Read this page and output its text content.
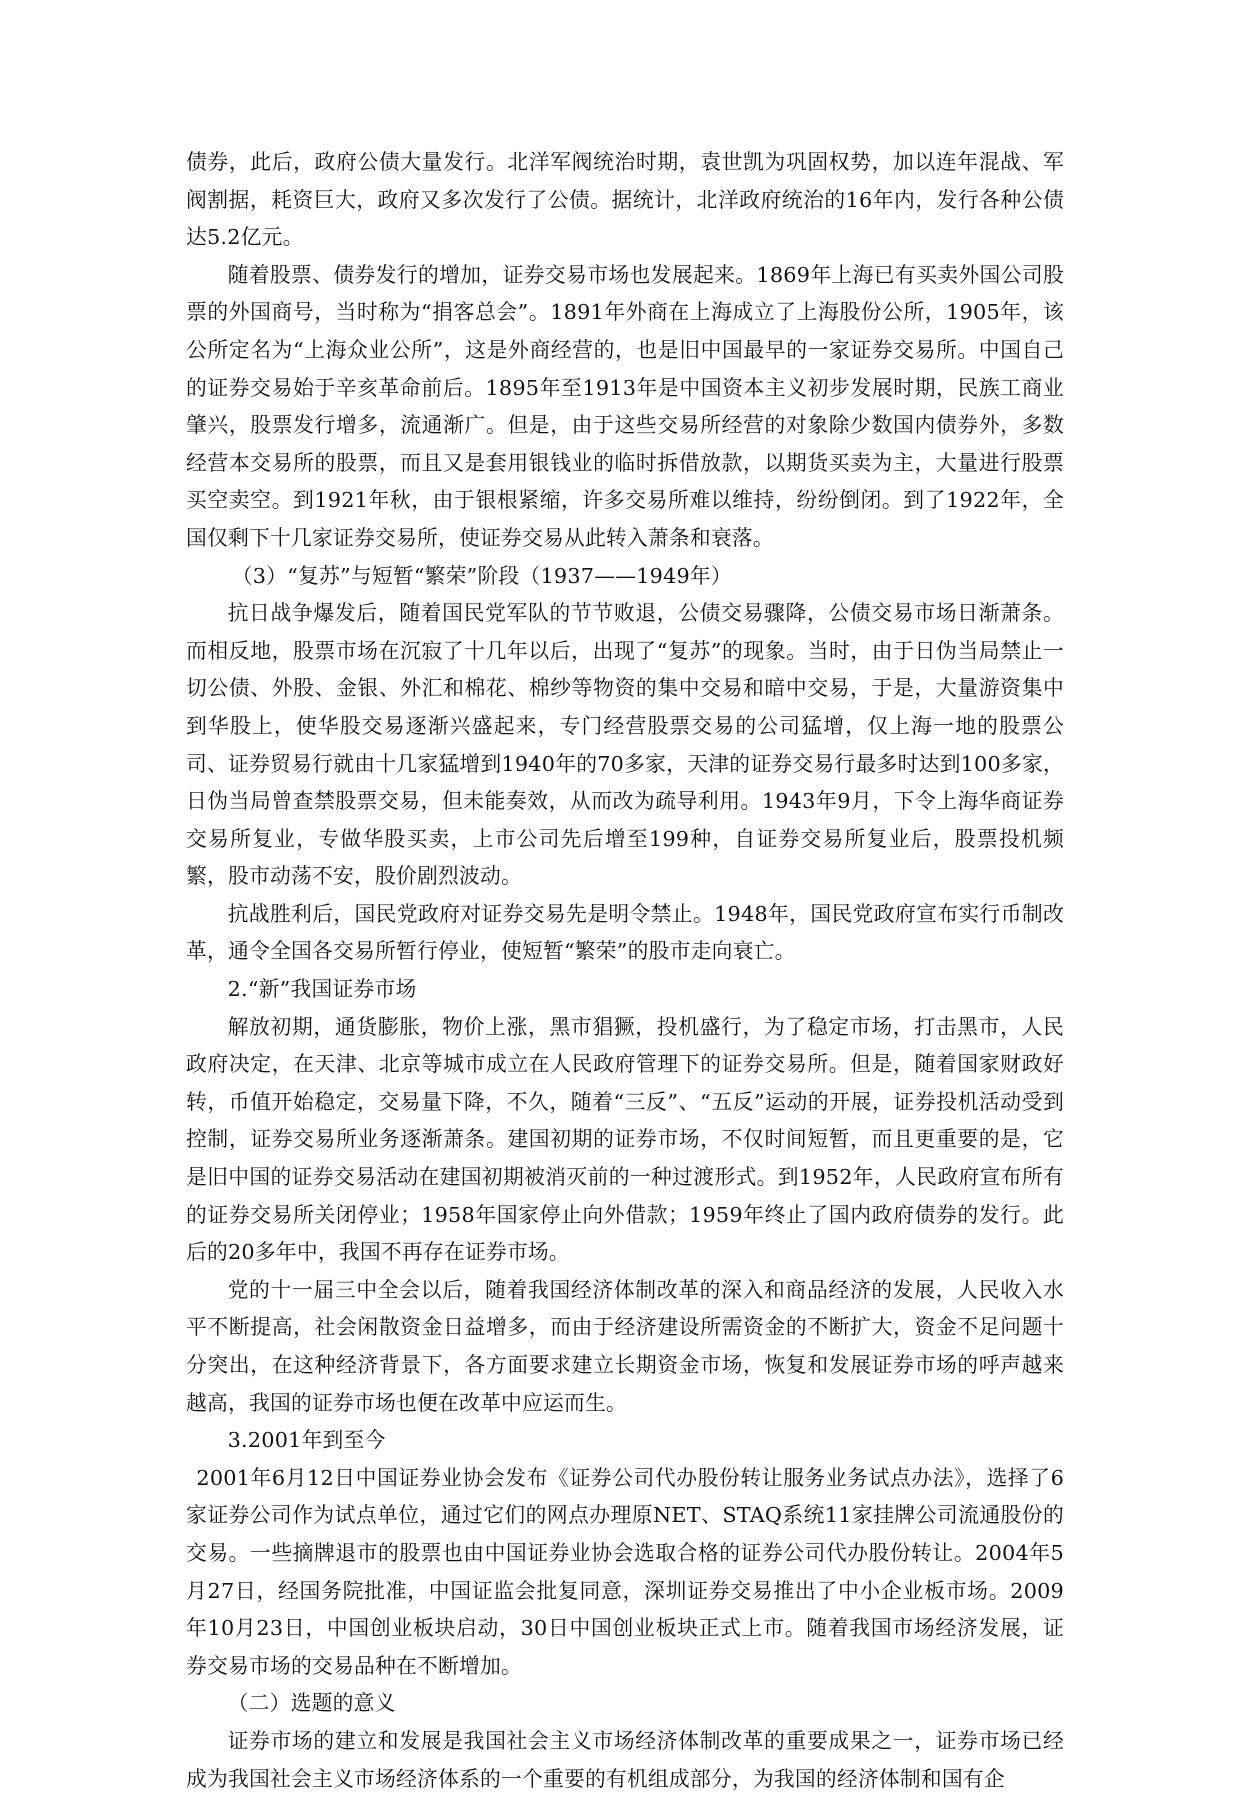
债券，此后，政府公债大量发行。北洋军阀统治时期，袁世凯为巩固权势，加以连年混战、军阀割据，耗资巨大，政府又多次发行了公债。据统计，北洋政府统治的16年内，发行各种公债达5.2亿元。

随着股票、债券发行的增加，证券交易市场也发展起来。1869年上海已有买卖外国公司股票的外国商号，当时称为“捐客总会”。1891年外商在上海成立了上海股份公所，1905年，该公所定名为“上海众业公所”，这是外商经营的，也是旧中国最早的一家证券交易所。中国自己的证券交易始于辛亥革命前后。1895年至1913年是中国资本主义初步发展时期，民族工商业肇兴，股票发行增多，流通渐广。但是，由于这些交易所经营的对象除少数国内债券外，多数经营本交易所的股票，而且又是套用银钱业的临时拆借放款，以期货买卖为主，大量进行股票买空卖空。到1921年秋，由于银根紧缩，许多交易所难以维持，纷纷倒闭。到了1922年，全国仅剩下十几家证券交易所，使证券交易从此转入萧条和衰落。

（3）“复苏”与短暂“繁荣”阶段（1937——1949年）

抗日战争爆发后，随着国民党军队的节节败退，公债交易骤降，公债交易市场日渐萧条。而相反地，股票市场在沉寂了十几年以后，出现了“复苏”的现象。当时，由于日伪当局禁止一切公债、外股、金银、外汇和棉花、棉纱等物资的集中交易和暗中交易，于是，大量游资集中到华股上，使华股交易逐渐兴盛起来，专门经营股票交易的公司猛增，仅上海一地的股票公司、证券贸易行就由十几家猛增到1940年的70多家，天津的证券交易行最多时达到100多家，日伪当局曾查禁股票交易，但未能奏效，从而改为疏导利用。1943年9月，下令上海华商证券交易所复业，专做华股买卖，上市公司先后增至199种，自证券交易所复业后，股票投机频繁，股市动荡不安，股价剧烈波动。

抗战胜利后，国民党政府对证券交易先是明令禁止。1948年，国民党政府宣布实行币制改革，通令全国各交易所暂行停业，使短暂“繁荣”的股市走向衰亡。

2.“新”我国证券市场

解放初期，通货膨胀，物价上涨，黑市猖獗，投机盛行，为了稳定市场，打击黑市，人民政府决定，在天津、北京等城市成立在人民政府管理下的证券交易所。但是，随着国家财政好转，币值开始稳定，交易量下降，不久，随着“三反”、“五反”运动的开展，证券投机活动受到控制，证券交易所业务逐渐萧条。建国初期的证券市场，不仅时间短暂，而且更重要的是，它是旧中国的证券交易活动在建国初期被消灭前的一种过渡形式。到1952年，人民政府宣布所有的证券交易所关闭停业；1958年国家停止向外借款；1959年终止了国内政府债券的发行。此后的20多年中，我国不再存在证券市场。

党的十一届三中全会以后，随着我国经济体制改革的深入和商品经济的发展，人民收入水平不断提高，社会闲散资金日益增多，而由于经济建设所需资金的不断扩大，资金不足问题十分突出，在这种经济背景下，各方面要求建立长期资金市场，恢复和发展证券市场的呼声越来越高，我国的证券市场也便在改革中应运而生。

3.2001年到至今

2001年6月12日中国证券业协会发布《证券公司代办股份转让服务业务试点办法》，选择了6家证券公司作为试点单位，通过它们的网点办理原NET、STAQ系统11家挂牌公司流通股份的交易。一些摘牌退市的股票也由中国证券业协会选取合格的证券公司代办股份转让。2004年5月27日，经国务院批准，中国证监会批复同意，深圳证券交易推出了中小企业板市场。2009年10月23日，中国创业板块启动，30日中国创业板块正式上市。随着我国市场经济发展，证券交易市场的交易品种在不断增加。

（二）选题的意义

证券市场的建立和发展是我国社会主义市场经济体制改革的重要成果之一，证券市场已经成为我国社会主义市场经济体系的一个重要的有机组成部分，为我国的经济体制和国有企
